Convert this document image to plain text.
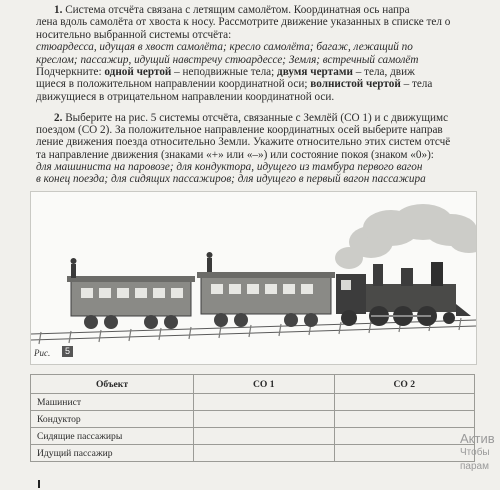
1. Система отсчёта связана с летящим самолётом. Координатная ось напра
лена вдоль самолёта от хвоста к носу. Рассмотрите движение указанных в списке тел о
носительно выбранной системы отсчёта:
стюардесса, идущая в хвост самолёта; кресло самолёта; багаж, лежащий по
креслом; пассажир, идущий навстречу стюардессе; Земля; встречный самолёт
Подчеркните: одной чертой – неподвижные тела; двумя чертами – тела, движ
щиеся в положительном направлении координатной оси; волнистой чертой – тела
движущиеся в отрицательном направлении координатной оси.
2. Выберите на рис. 5 системы отсчёта, связанные с Землёй (СО 1) и с движущимс
поездом (СО 2). За положительное направление координатных осей выберите направ
ление движения поезда относительно Земли. Укажите относительно этих систем отсчё
та направление движения (знаками «+» или «–») или состояние покоя (знаком «0»):
для машиниста на паровозе; для кондуктора, идущего из тамбура первого вагон
в конец поезда; для сидящих пассажиров; для идущего в первый вагон пассажира
Рис.	5
Объект	СО 1	СО 2
Машинист		
Кондуктор		
Сидящие пассажиры		
Идущий пассажир		
Актив
Чтобы
парам
